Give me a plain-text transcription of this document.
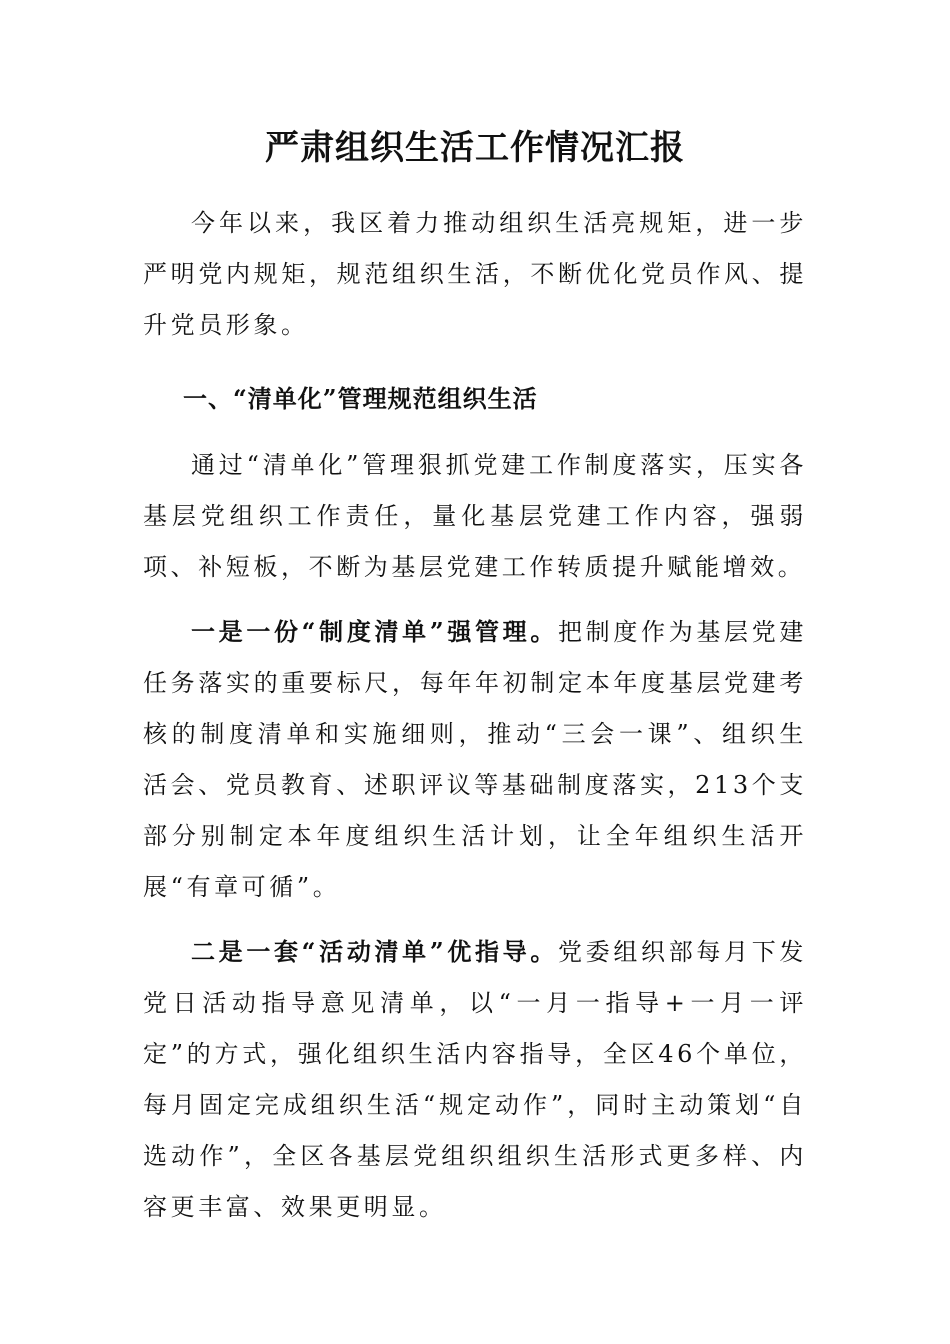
严肃组织生活工作情况汇报

今年以来，我区着力推动组织生活亮规矩，进一步严明党内规矩，规范组织生活，不断优化党员作风、提升党员形象。

一、“清单化”管理规范组织生活

通过“清单化”管理狠抓党建工作制度落实，压实各基层党组织工作责任，量化基层党建工作内容，强弱项、补短板，不断为基层党建工作转质提升赋能增效。

一是一份“制度清单”强管理。把制度作为基层党建任务落实的重要标尺，每年年初制定本年度基层党建考核的制度清单和实施细则，推动“三会一课”、组织生活会、党员教育、述职评议等基础制度落实，213个支部分别制定本年度组织生活计划，让全年组织生活开展“有章可循”。

二是一套“活动清单”优指导。党委组织部每月下发党日活动指导意见清单，以“一月一指导+一月一评定”的方式，强化组织生活内容指导，全区46个单位，每月固定完成组织生活“规定动作”，同时主动策划“自选动作”，全区各基层党组织组织生活形式更多样、内容更丰富、效果更明显。
